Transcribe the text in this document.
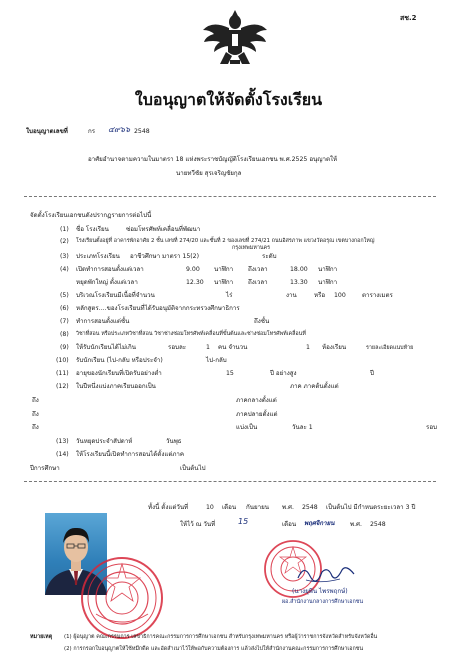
สช.2
ใบอนุญาตให้จัดตั้งโรงเรียน
ใบอนุญาตเลขที่	กร ๔๙๖๖ 2548
อาศัยอำนาจตามความในมาตรา 18 แห่งพระราชบัญญัติโรงเรียนเอกชน พ.ศ.2525 อนุญาตให้
นายทวีชัย สุรเจริญชัยกุล
จัดตั้งโรงเรียนเอกชนดังปรากฏรายการต่อไปนี้
(1) ชื่อ โรงเรียน	ซ่อมโทรศัพท์เคลื่อนที่พัฒนา
(2) โรงเรียนตั้งอยู่ที่ อาคารพักอาศัย 2 ชั้น เลขที่ 274/20 และชั้นที่ 2 ของเลขที่ 274/21 ถนนอิสรภาพ แขวงวัดอรุณ เขตบางกอกใหญ่
กรุงเทพมหานคร
(3) ประเภทโรงเรียน อาชีวศึกษา มาตรา 15(2)	ระดับ
(4) เปิดทำการสอนตั้งแต่เวลา	9.00 นาฬิกา ถึงเวลา	18.00 นาฬิกา
หยุดพักใหญ่ ตั้งแต่เวลา	12.30 นาฬิกา ถึงเวลา	13.30 นาฬิกา
(5) บริเวณโรงเรียนมีเนื้อที่จำนวน	ไร่	งาน	หรือ 100	ตารางเมตร
(6) หลักสูตร....ของโรงเรียนที่ได้รับอนุมัติจากกระทรวงศึกษาธิการ
(7) ทำการสอนตั้งแต่ชั้น	ถึงชั้น
(8) วิชาที่สอน หรือประเภทวิชาที่สอน วิชาช่างซ่อมโทรศัพท์เคลื่อนที่ขั้นต้นและช่างซ่อมโทรศัพท์เคลื่อนที่
(9) ให้รับนักเรียนได้ไม่เกิน	รอบละ	1 คน จำนวน	1 ห้องเรียน	รายละเอียดแนบท้าย
(10) รับนักเรียน (ไป-กลับ หรือประจำ)	ไป-กลับ
(11) อายุของนักเรียนที่เปิดรับอย่างต่ำ	15	ปี อย่างสูง	ปี
(12) ในปีหนึ่งแบ่งภาคเรียนออกเป็น	ภาค ภาคต้นตั้งแต่
ถึง	ภาคกลางตั้งแต่
ถึง	ภาคปลายตั้งแต่
ถึง	แบ่งเป็น	วันละ 1	รอบ
(13) วันหยุดประจำสัปดาห์	วันพุธ
(14) ให้โรงเรียนนี้เปิดทำการสอนได้ตั้งแต่ภาค
ปีการศึกษา	เป็นต้นไป
ทั้งนี้ ตั้งแต่วันที่	10 เดือน กันยายน พ.ศ. 2548 เป็นต้นไป มีกำหนดระยะเวลา 3 ปี
ให้ไว้ ณ วันที่	15	เดือน พฤศจิกายน	พ.ศ. 2548
(นางยุพิน ไพรพฤกษ์)
ผอ.สำนักงานกลางการศึกษาเอกชน
หมายเหตุ (1) ผู้อนุญาต คณะกรรมการ เลขาธิการคณะกรรมการการศึกษาเอกชน สำหรับกรุงเทพมหานคร หรือผู้ว่าราชการจังหวัดสำหรับจังหวัดอื่น
(2) การกรอกใบอนุญาตให้ใช้หมึกดีด และอัดสำเนาไว้ให้พอกับความต้องการ แล้วส่งไปให้สำนักงานคณะกรรมการการศึกษาเอกชน
